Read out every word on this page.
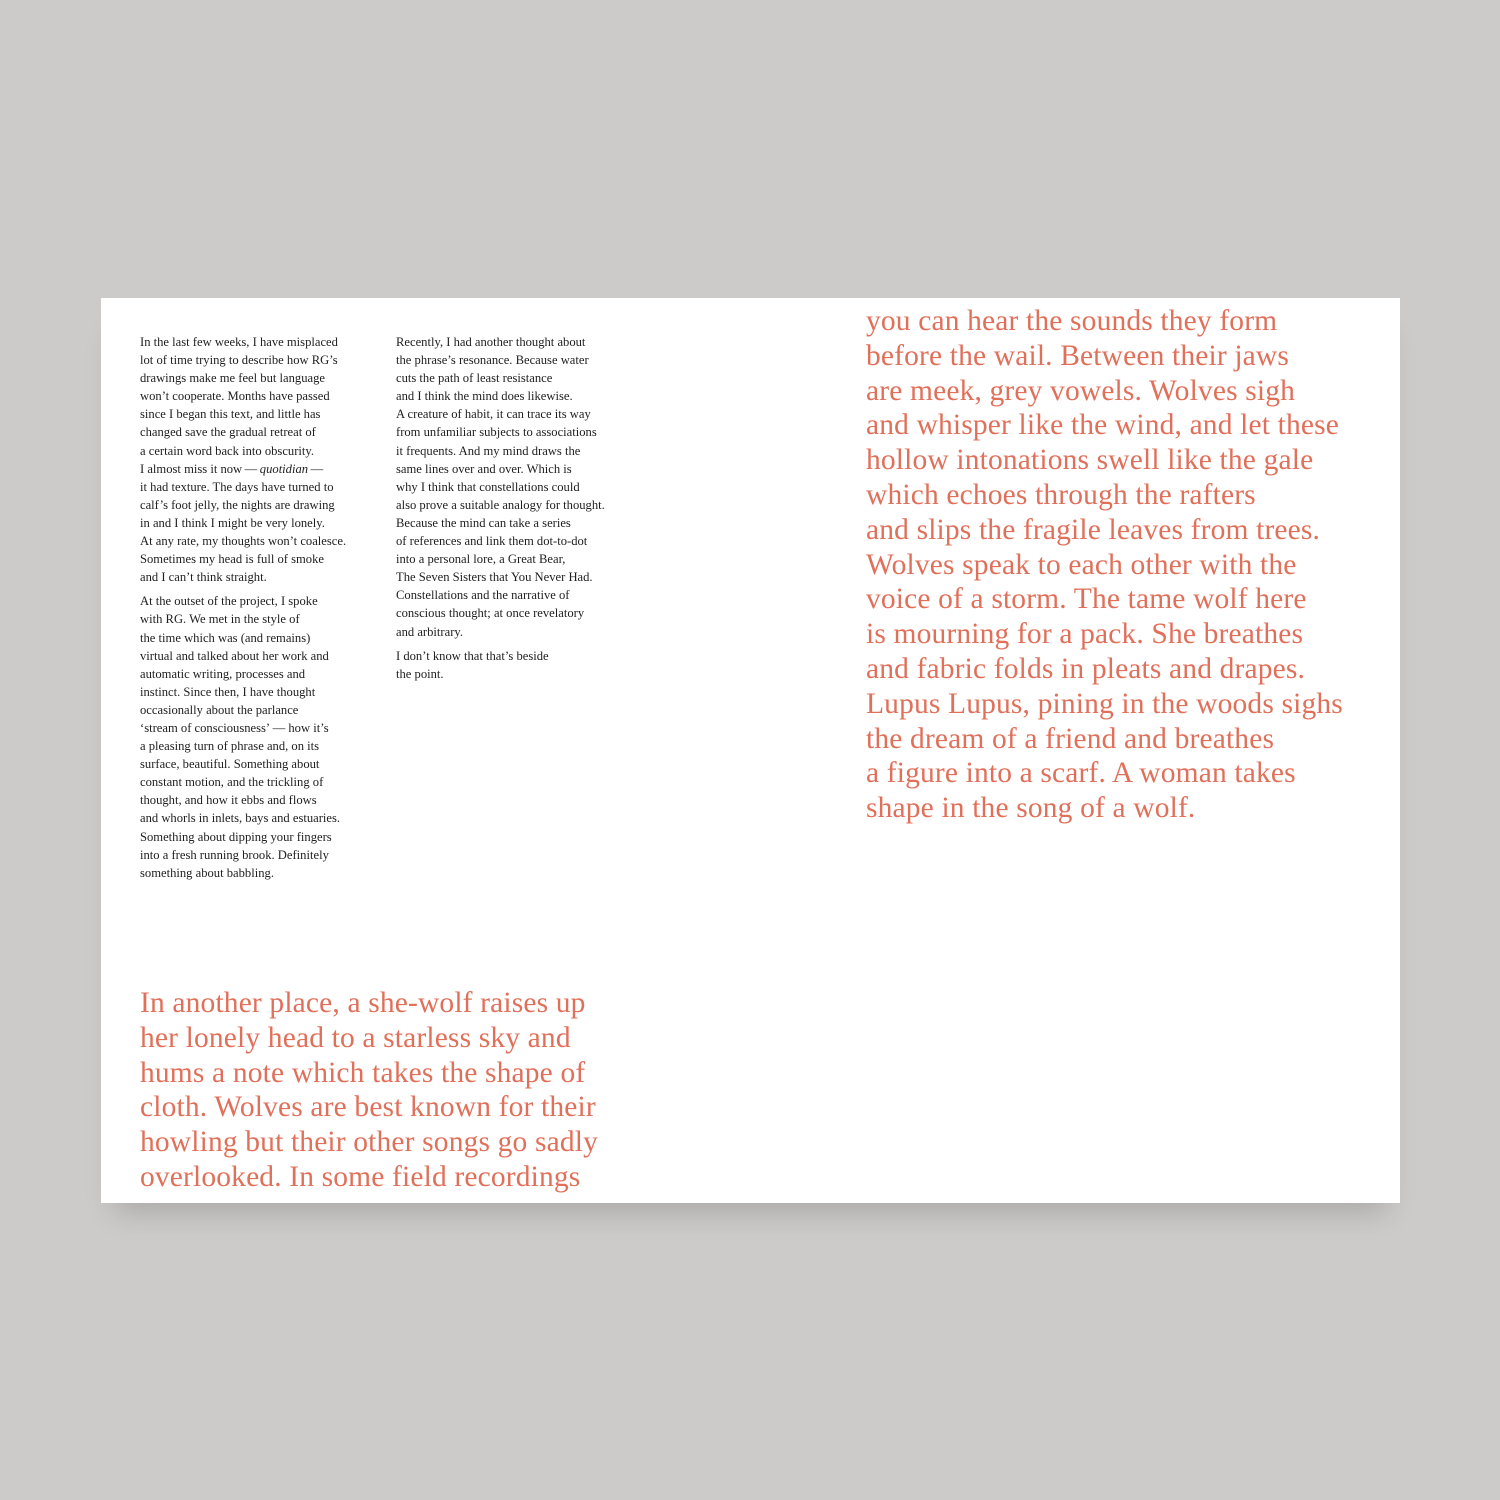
In the last few weeks, I have misplaced
lot of time trying to describe how RG’s
drawings make me feel but language
won’t cooperate. Months have passed
since I began this text, and little has
changed save the gradual retreat of
a certain word back into obscurity.
I almost miss it now — quotidian —
it had texture. The days have turned to
calf’s foot jelly, the nights are drawing
in and I think I might be very lonely.
At any rate, my thoughts won’t coalesce.
Sometimes my head is full of smoke
and I can’t think straight.
At the outset of the project, I spoke
with RG. We met in the style of
the time which was (and remains)
virtual and talked about her work and
automatic writing, processes and
instinct. Since then, I have thought
occasionally about the parlance
‘stream of consciousness’ — how it’s
a pleasing turn of phrase and, on its
surface, beautiful. Something about
constant motion, and the trickling of
thought, and how it ebbs and flows
and whorls in inlets, bays and estuaries.
Something about dipping your fingers
into a fresh running brook. Definitely
something about babbling.
Recently, I had another thought about
the phrase’s resonance. Because water
cuts the path of least resistance
and I think the mind does likewise.
A creature of habit, it can trace its way
from unfamiliar subjects to associations
it frequents. And my mind draws the
same lines over and over. Which is
why I think that constellations could
also prove a suitable analogy for thought.
Because the mind can take a series
of references and link them dot-to-dot
into a personal lore, a Great Bear,
The Seven Sisters that You Never Had.
Constellations and the narrative of
conscious thought; at once revelatory
and arbitrary.
I don’t know that that’s beside
the point.
you can hear the sounds they form
before the wail. Between their jaws
are meek, grey vowels. Wolves sigh
and whisper like the wind, and let these
hollow intonations swell like the gale
which echoes through the rafters
and slips the fragile leaves from trees.
Wolves speak to each other with the
voice of a storm. The tame wolf here
is mourning for a pack. She breathes
and fabric folds in pleats and drapes.
Lupus Lupus, pining in the woods sighs
the dream of a friend and breathes
a figure into a scarf. A woman takes
shape in the song of a wolf.
In another place, a she-wolf raises up
her lonely head to a starless sky and
hums a note which takes the shape of
cloth. Wolves are best known for their
howling but their other songs go sadly
overlooked. In some field recordings
